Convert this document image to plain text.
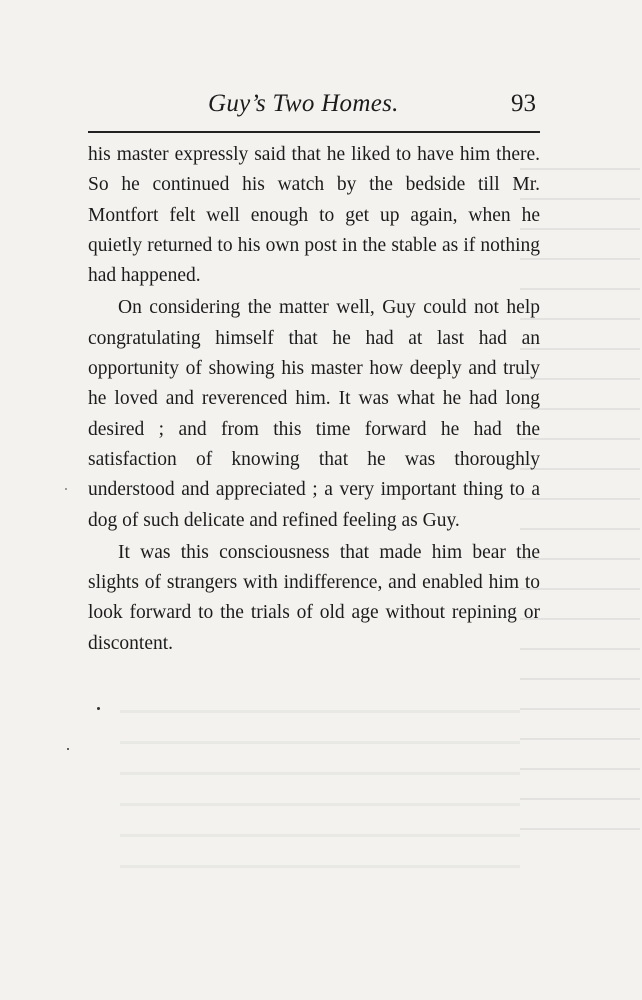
Guy’s Two Homes.	93

his master expressly said that he liked to have him there. So he continued his watch by the bedside till Mr. Montfort felt well enough to get up again, when he quietly returned to his own post in the stable as if nothing had happened.

On considering the matter well, Guy could not help congratulating himself that he had at last had an opportunity of showing his master how deeply and truly he loved and reverenced him. It was what he had long desired ; and from this time forward he had the satisfaction of knowing that he was thoroughly understood and appreciated ; a very important thing to a dog of such delicate and refined feeling as Guy.

It was this consciousness that made him bear the slights of strangers with indifference, and enabled him to look forward to the trials of old age without repining or discontent.
